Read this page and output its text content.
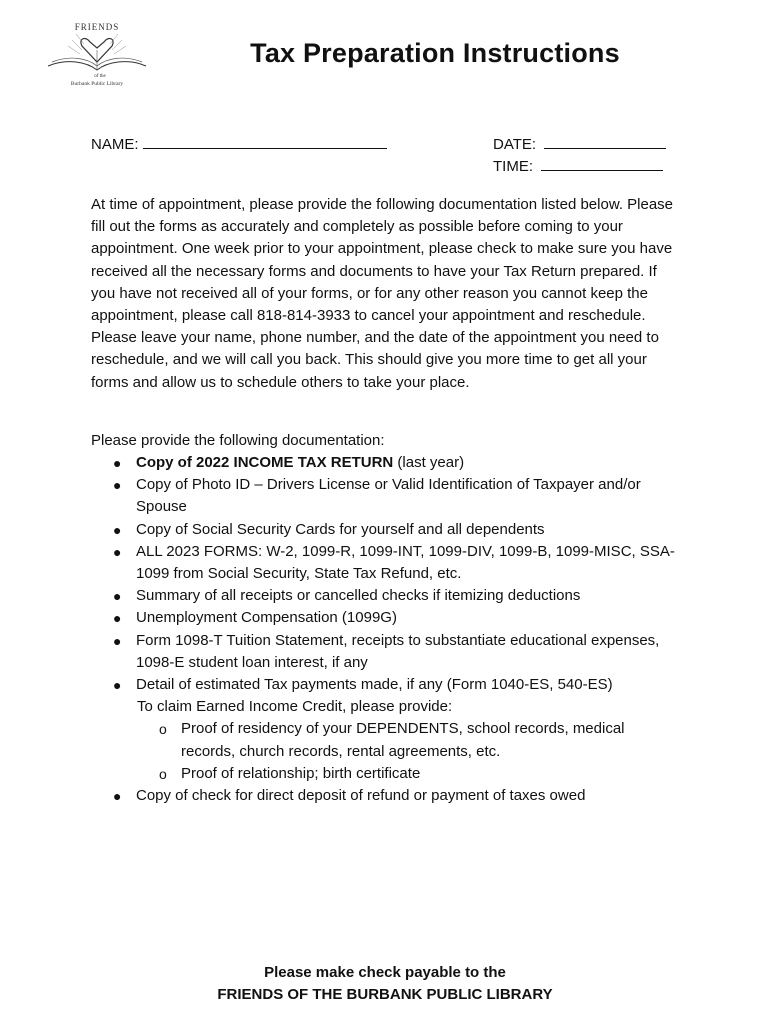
FRIENDS
of the
Burbank Public Library
Tax Preparation Instructions
NAME:	DATE:
TIME:

At time of appointment, please provide the following documentation listed below. Please fill out the forms as accurately and completely as possible before coming to your appointment. One week prior to your appointment, please check to make sure you have received all the necessary forms and documents to have your Tax Return prepared. If you have not received all of your forms, or for any other reason you cannot keep the appointment, please call 818-814-3933 to cancel your appointment and reschedule. Please leave your name, phone number, and the date of the appointment you need to reschedule, and we will call you back. This should give you more time to get all your forms and allow us to schedule others to take your place.

Please provide the following documentation:

● Copy of 2022 INCOME TAX RETURN (last year)
● Copy of Photo ID – Drivers License or Valid Identification of Taxpayer and/or Spouse
● Copy of Social Security Cards for yourself and all dependents
● ALL 2023 FORMS: W-2, 1099-R, 1099-INT, 1099-DIV, 1099-B, 1099-MISC, SSA-1099 from Social Security, State Tax Refund, etc.
● Summary of all receipts or cancelled checks if itemizing deductions
● Unemployment Compensation (1099G)
● Form 1098-T Tuition Statement, receipts to substantiate educational expenses, 1098-E student loan interest, if any
● Detail of estimated Tax payments made, if any (Form 1040-ES, 540-ES)
To claim Earned Income Credit, please provide:
o Proof of residency of your DEPENDENTS, school records, medical records, church records, rental agreements, etc.
o Proof of relationship; birth certificate
● Copy of check for direct deposit of refund or payment of taxes owed
Please make check payable to the
FRIENDS OF THE BURBANK PUBLIC LIBRARY
